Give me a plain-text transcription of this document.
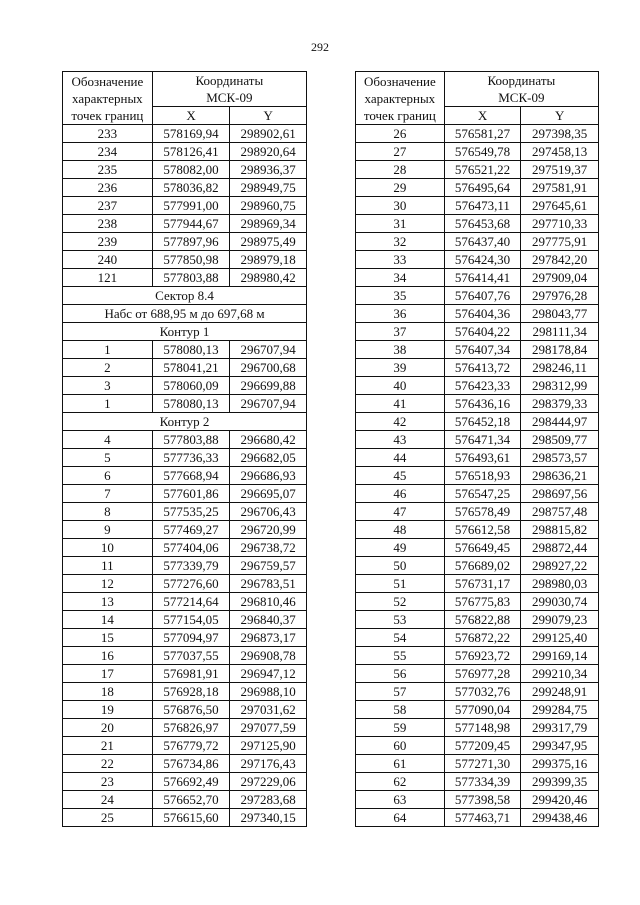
292
Обозначение
характерных
точек границ	Координаты
МСК-09	
	X	Y
233	578169,94	298902,61
234	578126,41	298920,64
235	578082,00	298936,37
236	578036,82	298949,75
237	577991,00	298960,75
238	577944,67	298969,34
239	577897,96	298975,49
240	577850,98	298979,18
121	577803,88	298980,42
Сектор 8.4		
Набс от 688,95 м до 697,68 м		
Контур 1		
1	578080,13	296707,94
2	578041,21	296700,68
3	578060,09	296699,88
1	578080,13	296707,94
Контур 2		
4	577803,88	296680,42
5	577736,33	296682,05
6	577668,94	296686,93
7	577601,86	296695,07
8	577535,25	296706,43
9	577469,27	296720,99
10	577404,06	296738,72
11	577339,79	296759,57
12	577276,60	296783,51
13	577214,64	296810,46
14	577154,05	296840,37
15	577094,97	296873,17
16	577037,55	296908,78
17	576981,91	296947,12
18	576928,18	296988,10
19	576876,50	297031,62
20	576826,97	297077,59
21	576779,72	297125,90
22	576734,86	297176,43
23	576692,49	297229,06
24	576652,70	297283,68
25	576615,60	297340,15
Обозначение
характерных
точек границ	Координаты
МСК-09	
	X	Y
26	576581,27	297398,35
27	576549,78	297458,13
28	576521,22	297519,37
29	576495,64	297581,91
30	576473,11	297645,61
31	576453,68	297710,33
32	576437,40	297775,91
33	576424,30	297842,20
34	576414,41	297909,04
35	576407,76	297976,28
36	576404,36	298043,77
37	576404,22	298111,34
38	576407,34	298178,84
39	576413,72	298246,11
40	576423,33	298312,99
41	576436,16	298379,33
42	576452,18	298444,97
43	576471,34	298509,77
44	576493,61	298573,57
45	576518,93	298636,21
46	576547,25	298697,56
47	576578,49	298757,48
48	576612,58	298815,82
49	576649,45	298872,44
50	576689,02	298927,22
51	576731,17	298980,03
52	576775,83	299030,74
53	576822,88	299079,23
54	576872,22	299125,40
55	576923,72	299169,14
56	576977,28	299210,34
57	577032,76	299248,91
58	577090,04	299284,75
59	577148,98	299317,79
60	577209,45	299347,95
61	577271,30	299375,16
62	577334,39	299399,35
63	577398,58	299420,46
64	577463,71	299438,46
